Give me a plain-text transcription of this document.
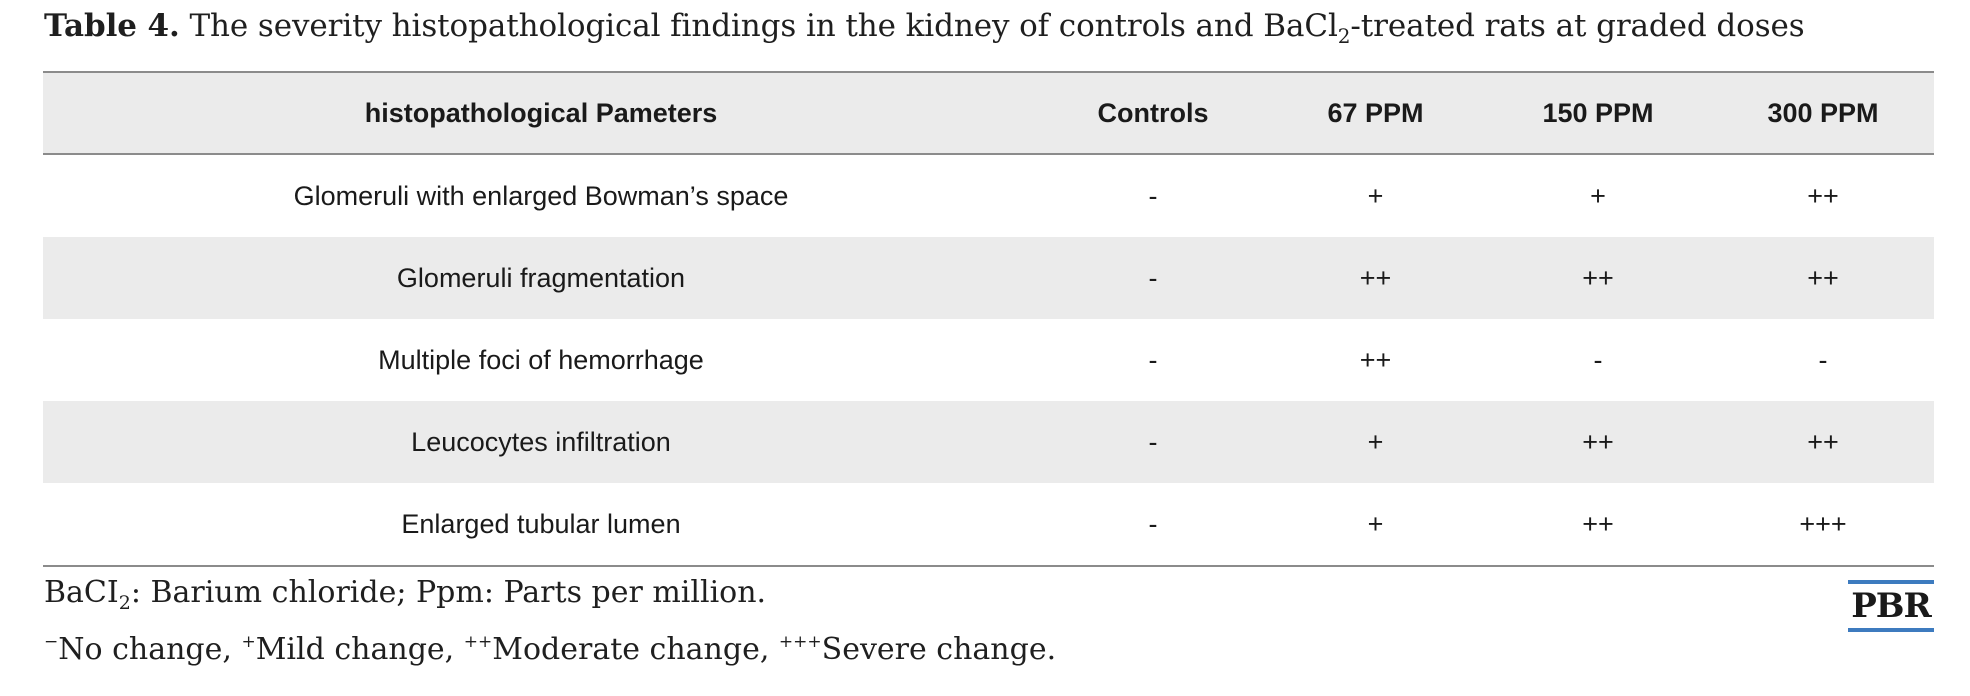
Table 4. The severity histopathological findings in the kidney of controls and BaCl$_2$-treated rats at graded doses
histopathological Pameters	Controls	67 PPM	150 PPM	300 PPM
Glomeruli with enlarged Bowman’s space	-	+	+	++
Glomeruli fragmentation	-	++	++	++
Multiple foci of hemorrhage	-	++	-	-
Leucocytes infiltration	-	+	++	++
Enlarged tubular lumen	-	+	++	+++
BaCI$_2$: Barium chloride; Ppm: Parts per million.
−No change, +Mild change, ++Moderate change, +++Severe change.
PBR
